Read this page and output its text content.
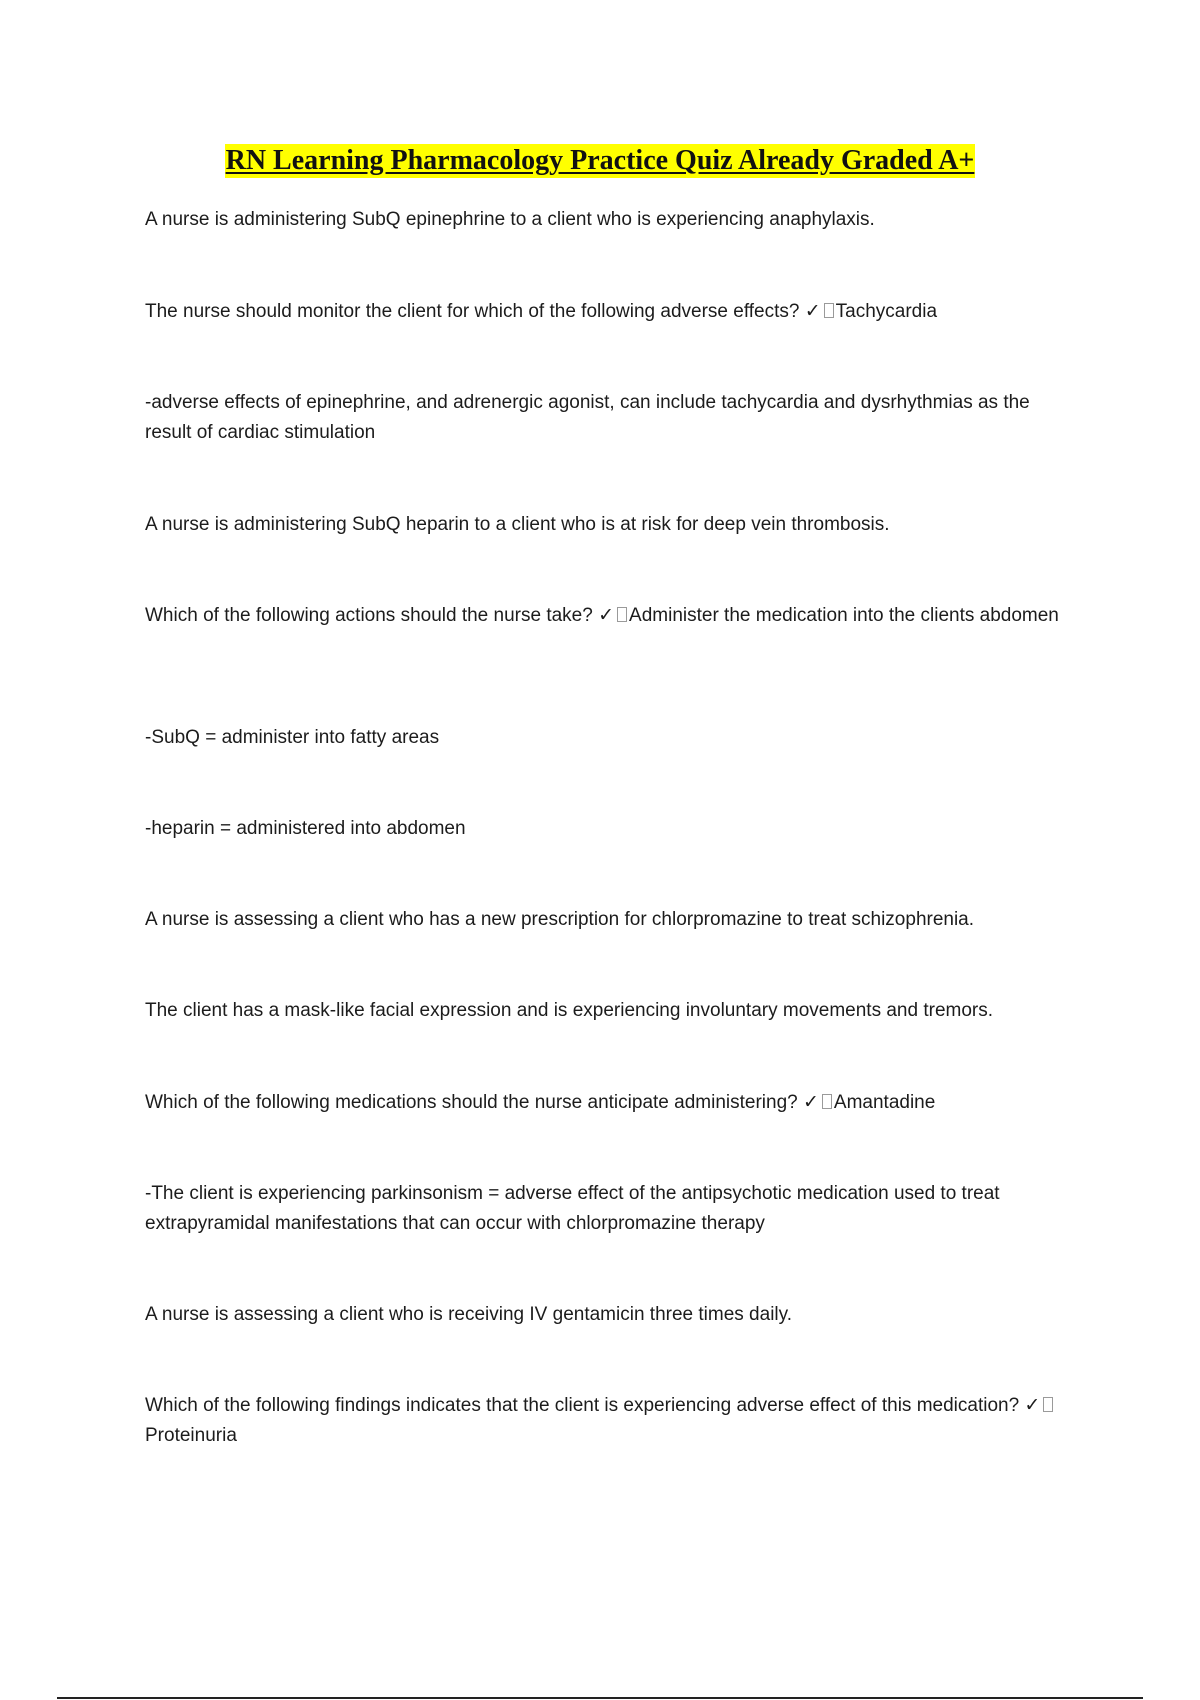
RN Learning Pharmacology Practice Quiz Already Graded A+
A nurse is administering SubQ epinephrine to a client who is experiencing anaphylaxis.
The nurse should monitor the client for which of the following adverse effects? ✓ Tachycardia
-adverse effects of epinephrine, and adrenergic agonist, can include tachycardia and dysrhythmias as the result of cardiac stimulation
A nurse is administering SubQ heparin to a client who is at risk for deep vein thrombosis.
Which of the following actions should the nurse take? ✓ Administer the medication into the clients abdomen
-SubQ = administer into fatty areas
-heparin = administered into abdomen
A nurse is assessing a client who has a new prescription for chlorpromazine to treat schizophrenia.
The client has a mask-like facial expression and is experiencing involuntary movements and tremors.
Which of the following medications should the nurse anticipate administering? ✓ Amantadine
-The client is experiencing parkinsonism = adverse effect of the antipsychotic medication used to treat extrapyramidal manifestations that can occur with chlorpromazine therapy
A nurse is assessing a client who is receiving IV gentamicin three times daily.
Which of the following findings indicates that the client is experiencing adverse effect of this medication? ✓Proteinuria
